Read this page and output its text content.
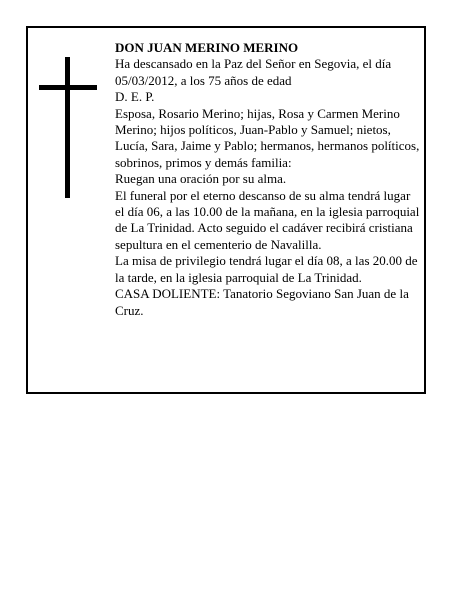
DON JUAN MERINO MERINO

Ha descansado en la Paz del Señor en Segovia, el día 05/03/2012, a los 75 años de edad

D. E. P.

Esposa, Rosario Merino; hijas, Rosa y Carmen Merino Merino; hijos políticos, Juan-Pablo y Samuel; nietos, Lucía, Sara, Jaime y Pablo; hermanos, hermanos políticos, sobrinos, primos y demás familia:

Ruegan una oración por su alma.

El funeral por el eterno descanso de su alma tendrá lugar el día 06, a las 10.00 de la mañana, en la iglesia parroquial de La Trinidad. Acto seguido el cadáver recibirá cristiana sepultura en el cementerio de Navalilla.

La misa de privilegio tendrá lugar el día 08, a las 20.00 de la tarde, en la iglesia parroquial de La Trinidad.

CASA DOLIENTE: Tanatorio Segoviano San Juan de la Cruz.
